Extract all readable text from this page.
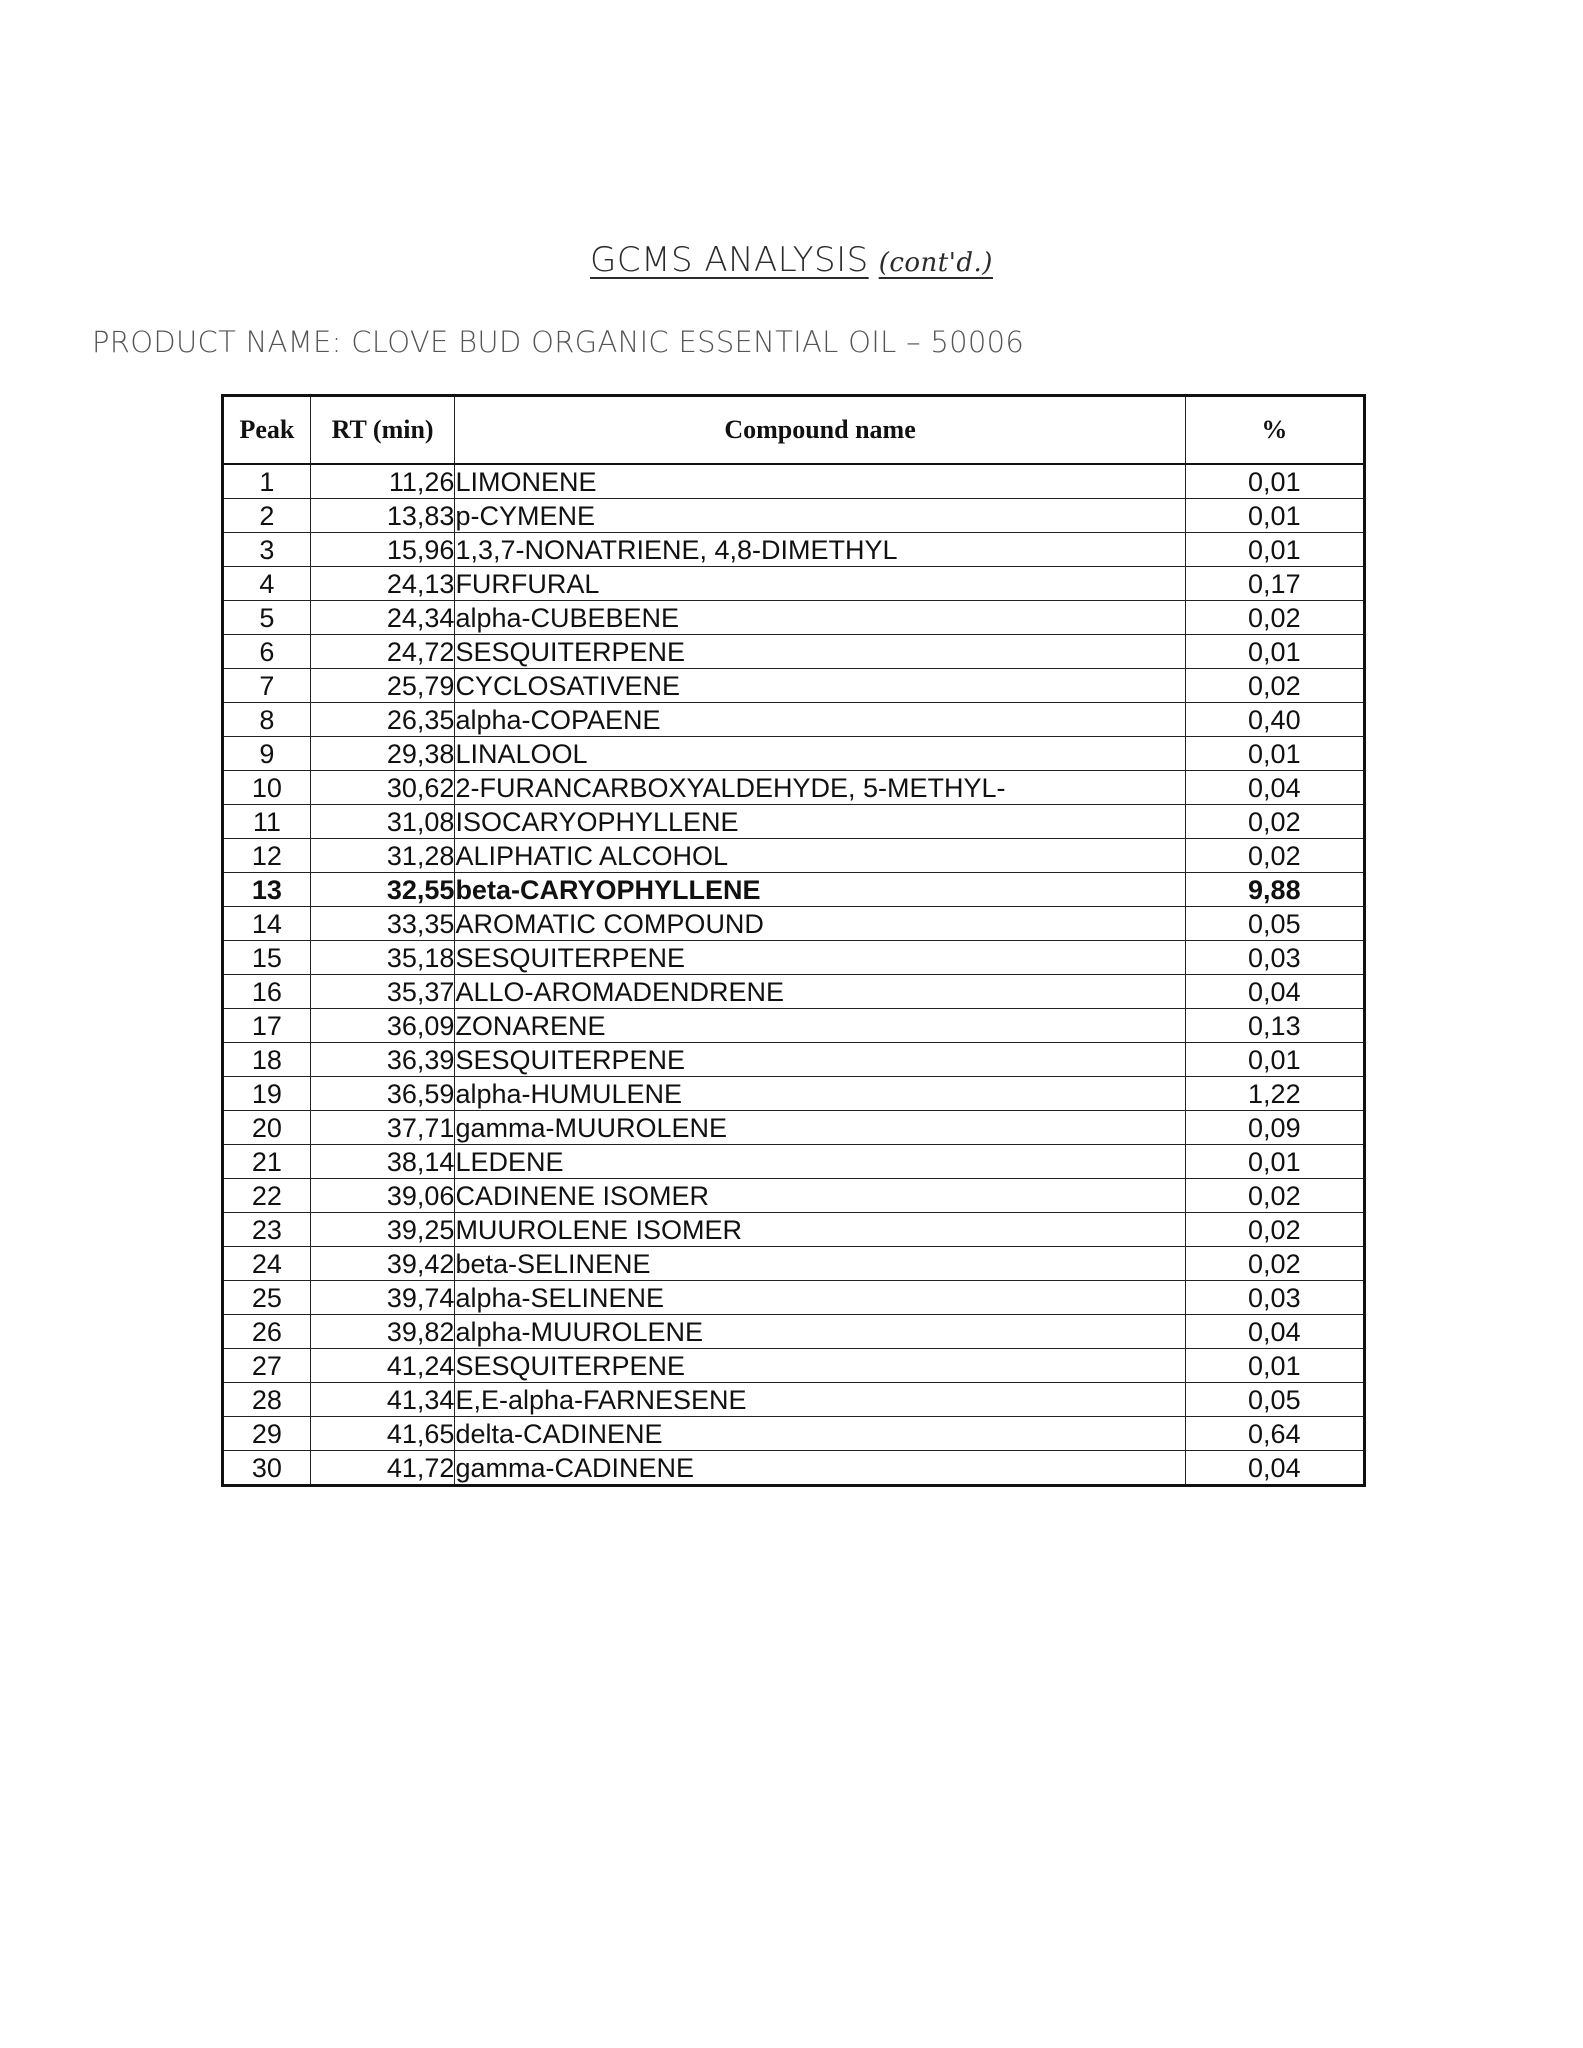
GCMS ANALYSIS (cont'd.)
PRODUCT NAME: CLOVE BUD ORGANIC ESSENTIAL OIL – 50006
Peak	RT (min)	Compound name	%
1	11,26	LIMONENE	0,01
2	13,83	p-CYMENE	0,01
3	15,96	1,3,7-NONATRIENE, 4,8-DIMETHYL	0,01
4	24,13	FURFURAL	0,17
5	24,34	alpha-CUBEBENE	0,02
6	24,72	SESQUITERPENE	0,01
7	25,79	CYCLOSATIVENE	0,02
8	26,35	alpha-COPAENE	0,40
9	29,38	LINALOOL	0,01
10	30,62	2-FURANCARBOXYALDEHYDE, 5-METHYL-	0,04
11	31,08	ISOCARYOPHYLLENE	0,02
12	31,28	ALIPHATIC ALCOHOL	0,02
13	32,55	beta-CARYOPHYLLENE	9,88
14	33,35	AROMATIC COMPOUND	0,05
15	35,18	SESQUITERPENE	0,03
16	35,37	ALLO-AROMADENDRENE	0,04
17	36,09	ZONARENE	0,13
18	36,39	SESQUITERPENE	0,01
19	36,59	alpha-HUMULENE	1,22
20	37,71	gamma-MUUROLENE	0,09
21	38,14	LEDENE	0,01
22	39,06	CADINENE ISOMER	0,02
23	39,25	MUUROLENE ISOMER	0,02
24	39,42	beta-SELINENE	0,02
25	39,74	alpha-SELINENE	0,03
26	39,82	alpha-MUUROLENE	0,04
27	41,24	SESQUITERPENE	0,01
28	41,34	E,E-alpha-FARNESENE	0,05
29	41,65	delta-CADINENE	0,64
30	41,72	gamma-CADINENE	0,04
